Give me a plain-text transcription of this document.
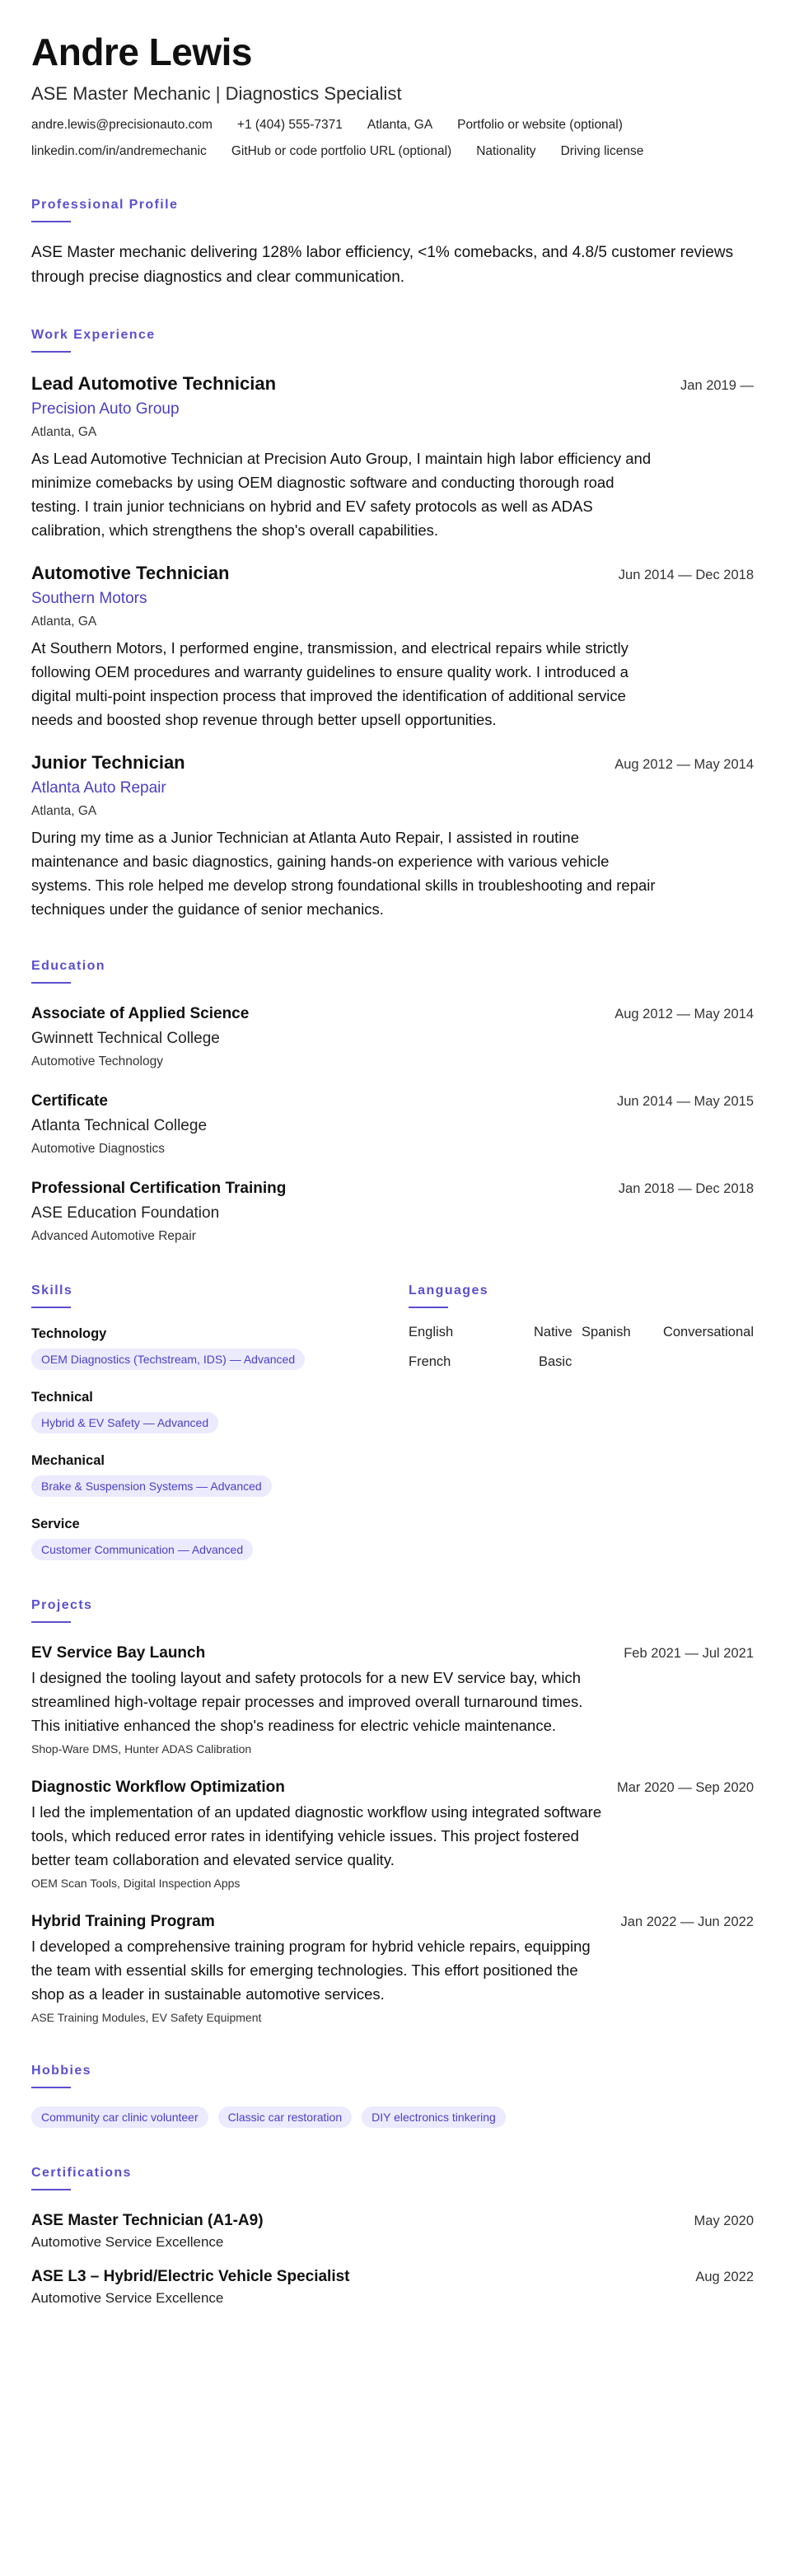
Andre Lewis
ASE Master Mechanic | Diagnostics Specialist
andre.lewis@precisionauto.com +1 (404) 555-7371 Atlanta, GA Portfolio or website (optional)
linkedin.com/in/andremechanic GitHub or code portfolio URL (optional) Nationality Driving license
Professional Profile
ASE Master mechanic delivering 128% labor efficiency, <1% comebacks, and 4.8/5 customer reviews through precise diagnostics and clear communication.
Work Experience
Lead Automotive Technician	Jan 2019 —
Precision Auto Group
Atlanta, GA
As Lead Automotive Technician at Precision Auto Group, I maintain high labor efficiency and minimize comebacks by using OEM diagnostic software and conducting thorough road testing. I train junior technicians on hybrid and EV safety protocols as well as ADAS calibration, which strengthens the shop's overall capabilities.
Automotive Technician	Jun 2014 — Dec 2018
Southern Motors
Atlanta, GA
At Southern Motors, I performed engine, transmission, and electrical repairs while strictly following OEM procedures and warranty guidelines to ensure quality work. I introduced a digital multi-point inspection process that improved the identification of additional service needs and boosted shop revenue through better upsell opportunities.
Junior Technician	Aug 2012 — May 2014
Atlanta Auto Repair
Atlanta, GA
During my time as a Junior Technician at Atlanta Auto Repair, I assisted in routine maintenance and basic diagnostics, gaining hands-on experience with various vehicle systems. This role helped me develop strong foundational skills in troubleshooting and repair techniques under the guidance of senior mechanics.
Education
Associate of Applied Science	Aug 2012 — May 2014
Gwinnett Technical College
Automotive Technology
Certificate	Jun 2014 — May 2015
Atlanta Technical College
Automotive Diagnostics
Professional Certification Training	Jan 2018 — Dec 2018
ASE Education Foundation
Advanced Automotive Repair
Skills
Technology
OEM Diagnostics (Techstream, IDS) — Advanced
Technical
Hybrid & EV Safety — Advanced
Mechanical
Brake & Suspension Systems — Advanced
Service
Customer Communication — Advanced
Languages
English	Native Spanish	Conversational
French	Basic
Projects
EV Service Bay Launch	Feb 2021 — Jul 2021
I designed the tooling layout and safety protocols for a new EV service bay, which streamlined high-voltage repair processes and improved overall turnaround times. This initiative enhanced the shop's readiness for electric vehicle maintenance.
Shop-Ware DMS, Hunter ADAS Calibration
Diagnostic Workflow Optimization	Mar 2020 — Sep 2020
I led the implementation of an updated diagnostic workflow using integrated software tools, which reduced error rates in identifying vehicle issues. This project fostered better team collaboration and elevated service quality.
OEM Scan Tools, Digital Inspection Apps
Hybrid Training Program	Jan 2022 — Jun 2022
I developed a comprehensive training program for hybrid vehicle repairs, equipping the team with essential skills for emerging technologies. This effort positioned the shop as a leader in sustainable automotive services.
ASE Training Modules, EV Safety Equipment
Hobbies
Community car clinic volunteer	Classic car restoration	DIY electronics tinkering
Certifications
ASE Master Technician (A1-A9)	May 2020
Automotive Service Excellence
ASE L3 – Hybrid/Electric Vehicle Specialist	Aug 2022
Automotive Service Excellence
